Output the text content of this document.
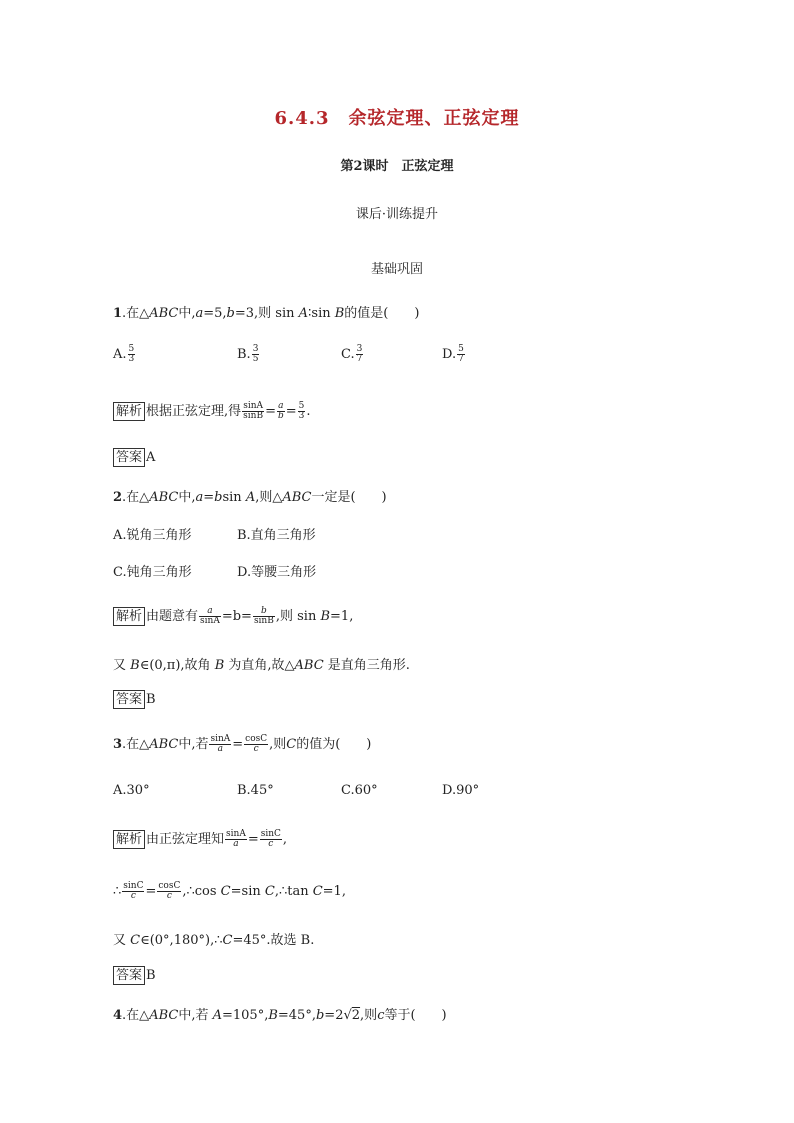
6.4.3　余弦定理、正弦定理
第2课时　正弦定理
课后·训练提升
基础巩固
1.在△ABC中,a=5,b=3,则 sin A∶sin B的值是(　　)
A. $\frac{5}{3}$	B. $\frac{3}{5}$	C. $\frac{3}{7}$	D. $\frac{5}{7}$
解析 根据正弦定理,得 $\frac{\sin A}{\sin B} = \frac{a}{b} = \frac{5}{3}$ .
答案 A
2.在△ABC中,a=bsin A,则△ABC一定是(　　)
A.锐角三角形	B.直角三角形
C.钝角三角形	D.等腰三角形
解析 由题意有 $\frac{a}{\sin A} =b= \frac{b}{\sin B}$ ,则 sin B=1,
又 B∈(0,π),故角 B 为直角,故△ABC 是直角三角形.
答案 B
3.在△ABC中,若 $\frac{\sin A}{a} = \frac{\cos C}{c}$ ,则C的值为(　　)
A.30°	B.45°	C.60°	D.90°
解析 由正弦定理知 $\frac{\sin A}{a} = \frac{\sin C}{c}$ ,
∴ $\frac{\sin C}{c} = \frac{\cos C}{c}$ ,∴cos C=sin C,∴tan C=1,
又 C∈(0°,180°),∴C=45°.故选 B.
答案 B
4.在△ABC中,若 A=105°,B=45°,b=2√2,则c等于(　　)
